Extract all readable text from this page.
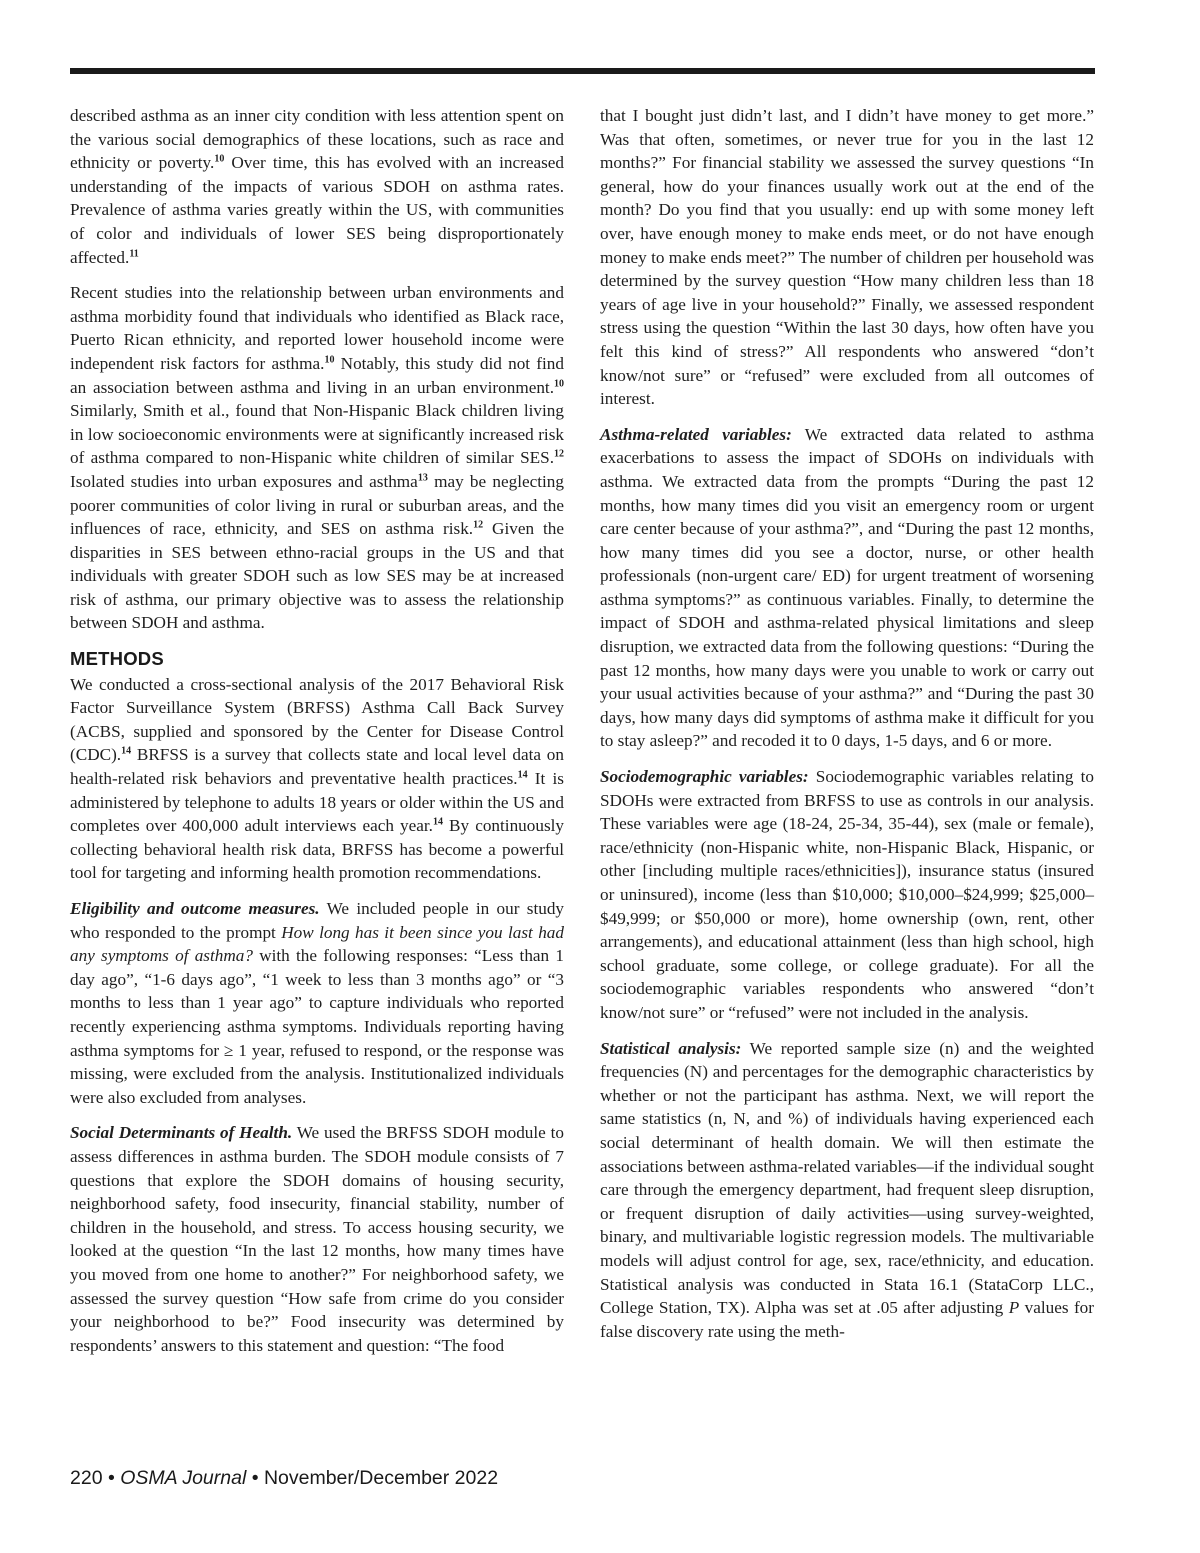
described asthma as an inner city condition with less attention spent on the various social demographics of these locations, such as race and ethnicity or poverty.$^{10}$ Over time, this has evolved with an increased understanding of the impacts of various SDOH on asthma rates. Prevalence of asthma varies greatly within the US, with communities of color and individuals of lower SES being disproportionately affected.$^{11}$

Recent studies into the relationship between urban environments and asthma morbidity found that individuals who identified as Black race, Puerto Rican ethnicity, and reported lower household income were independent risk factors for asthma.$^{10}$ Notably, this study did not find an association between asthma and living in an urban environment.$^{10}$ Similarly, Smith et al., found that Non-Hispanic Black children living in low socioeconomic environments were at significantly increased risk of asthma compared to non-Hispanic white children of similar SES.$^{12}$ Isolated studies into urban exposures and asthma$^{13}$ may be neglecting poorer communities of color living in rural or suburban areas, and the influences of race, ethnicity, and SES on asthma risk.$^{12}$ Given the disparities in SES between ethno-racial groups in the US and that individuals with greater SDOH such as low SES may be at increased risk of asthma, our primary objective was to assess the relationship between SDOH and asthma.

METHODS

We conducted a cross-sectional analysis of the 2017 Behavioral Risk Factor Surveillance System (BRFSS) Asthma Call Back Survey (ACBS, supplied and sponsored by the Center for Disease Control (CDC).$^{14}$ BRFSS is a survey that collects state and local level data on health-related risk behaviors and preventative health practices.$^{14}$ It is administered by telephone to adults 18 years or older within the US and completes over 400,000 adult interviews each year.$^{14}$ By continuously collecting behavioral health risk data, BRFSS has become a powerful tool for targeting and informing health promotion recommendations.

Eligibility and outcome measures. We included people in our study who responded to the prompt How long has it been since you last had any symptoms of asthma? with the following responses: “Less than 1 day ago”, “1-6 days ago”, “1 week to less than 3 months ago” or “3 months to less than 1 year ago” to capture individuals who reported recently experiencing asthma symptoms. Individuals reporting having asthma symptoms for ≥ 1 year, refused to respond, or the response was missing, were excluded from the analysis. Institutionalized individuals were also excluded from analyses.

Social Determinants of Health. We used the BRFSS SDOH module to assess differences in asthma burden. The SDOH module consists of 7 questions that explore the SDOH domains of housing security, neighborhood safety, food insecurity, financial stability, number of children in the household, and stress. To access housing security, we looked at the question “In the last 12 months, how many times have you moved from one home to another?” For neighborhood safety, we assessed the survey question “How safe from crime do you consider your neighborhood to be?” Food insecurity was determined by respondents’ answers to this statement and question: “The food

that I bought just didn’t last, and I didn’t have money to get more.” Was that often, sometimes, or never true for you in the last 12 months?” For financial stability we assessed the survey questions “In general, how do your finances usually work out at the end of the month? Do you find that you usually: end up with some money left over, have enough money to make ends meet, or do not have enough money to make ends meet?” The number of children per household was determined by the survey question “How many children less than 18 years of age live in your household?” Finally, we assessed respondent stress using the question “Within the last 30 days, how often have you felt this kind of stress?” All respondents who answered “don’t know/not sure” or “refused” were excluded from all outcomes of interest.

Asthma-related variables: We extracted data related to asthma exacerbations to assess the impact of SDOHs on individuals with asthma. We extracted data from the prompts “During the past 12 months, how many times did you visit an emergency room or urgent care center because of your asthma?”, and “During the past 12 months, how many times did you see a doctor, nurse, or other health professionals (non-urgent care/ ED) for urgent treatment of worsening asthma symptoms?” as continuous variables. Finally, to determine the impact of SDOH and asthma-related physical limitations and sleep disruption, we extracted data from the following questions: “During the past 12 months, how many days were you unable to work or carry out your usual activities because of your asthma?” and “During the past 30 days, how many days did symptoms of asthma make it difficult for you to stay asleep?” and recoded it to 0 days, 1-5 days, and 6 or more.

Sociodemographic variables: Sociodemographic variables relating to SDOHs were extracted from BRFSS to use as controls in our analysis. These variables were age (18-24, 25-34, 35-44), sex (male or female), race/ethnicity (non-Hispanic white, non-Hispanic Black, Hispanic, or other [including multiple races/ethnicities]), insurance status (insured or uninsured), income (less than $10,000; $10,000–$24,999; $25,000–$49,999; or $50,000 or more), home ownership (own, rent, other arrangements), and educational attainment (less than high school, high school graduate, some college, or college graduate). For all the sociodemographic variables respondents who answered “don’t know/not sure” or “refused” were not included in the analysis.

Statistical analysis: We reported sample size (n) and the weighted frequencies (N) and percentages for the demographic characteristics by whether or not the participant has asthma. Next, we will report the same statistics (n, N, and %) of individuals having experienced each social determinant of health domain. We will then estimate the associations between asthma-related variables—if the individual sought care through the emergency department, had frequent sleep disruption, or frequent disruption of daily activities—using survey-weighted, binary, and multivariable logistic regression models. The multivariable models will adjust control for age, sex, race/ethnicity, and education. Statistical analysis was conducted in Stata 16.1 (StataCorp LLC., College Station, TX). Alpha was set at .05 after adjusting P values for false discovery rate using the meth-

220 • OSMA Journal • November/December 2022
